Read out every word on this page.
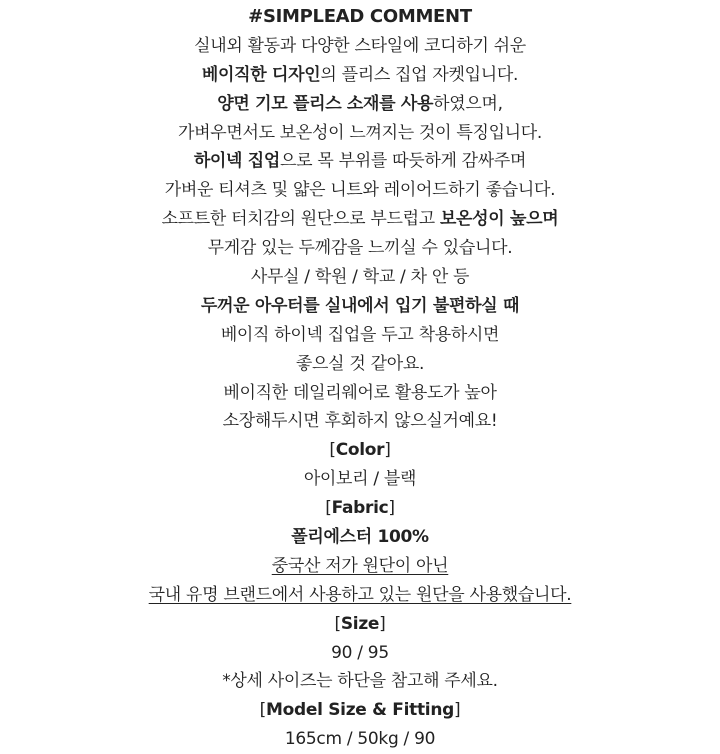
#SIMPLEAD COMMENT
실내외 활동과 다양한 스타일에 코디하기 쉬운
베이직한 디자인의 플리스 집업 자켓입니다.
양면 기모 플리스 소재를 사용하였으며,
가벼우면서도 보온성이 느껴지는 것이 특징입니다.
하이넥 집업으로 목 부위를 따듯하게 감싸주며
가벼운 티셔츠 및 얇은 니트와 레이어드하기 좋습니다.
소프트한 터치감의 원단으로 부드럽고 보온성이 높으며
무게감 있는 두께감을 느끼실 수 있습니다.
사무실 / 학원 / 학교 / 차 안 등
두꺼운 아우터를 실내에서 입기 불편하실 때
베이직 하이넥 집업을 두고 착용하시면
좋으실 것 같아요.
베이직한 데일리웨어로 활용도가 높아
소장해두시면 후회하지 않으실거예요!
[Color]
아이보리 / 블랙
[Fabric]
폴리에스터 100%
중국산 저가 원단이 아닌
국내 유명 브랜드에서 사용하고 있는 원단을 사용했습니다.
[Size]
90 / 95
*상세 사이즈는 하단을 참고해 주세요.
[Model Size & Fitting]
165cm / 50kg / 90
